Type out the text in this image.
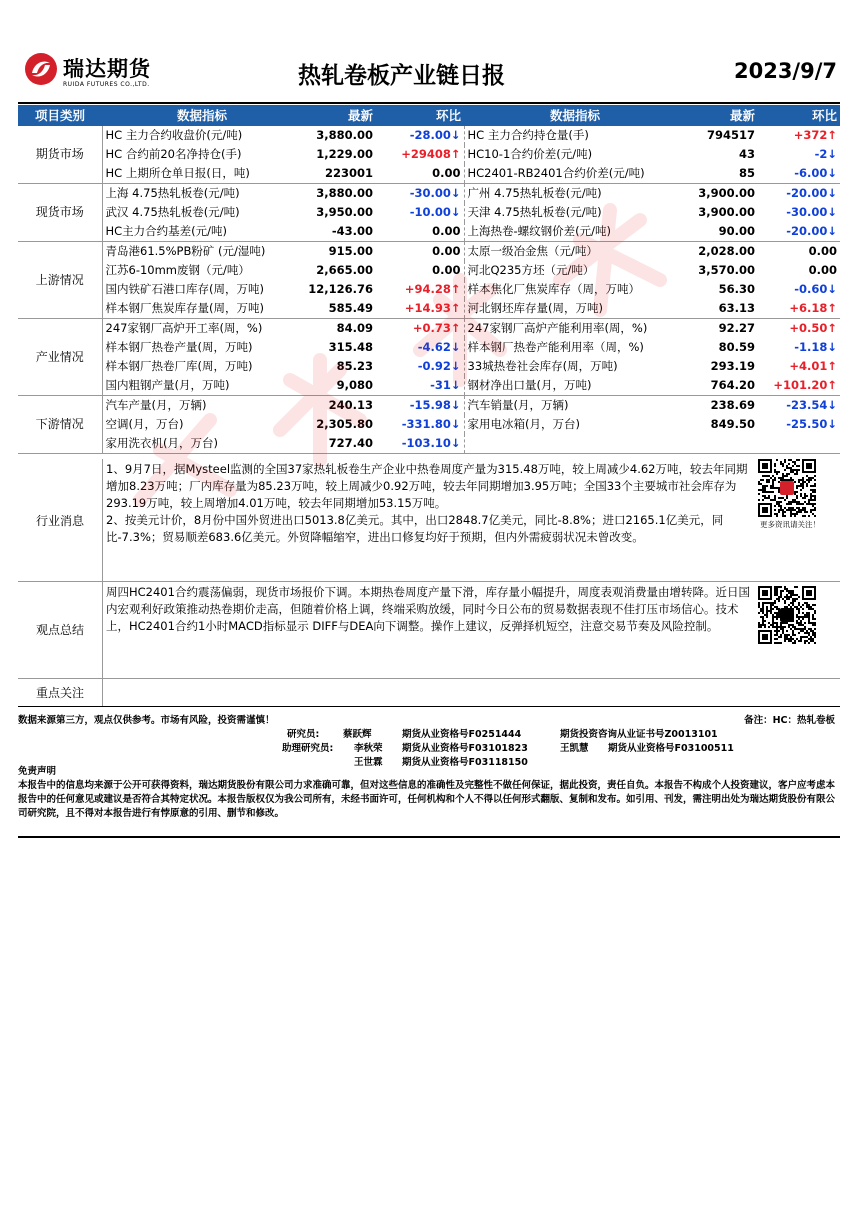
瑞达期货
RUIDA FUTURES CO.,LTD.	热轧卷板产业链日报	2023/9/7
项目类别	数据指标	最新	环比	数据指标	最新	环比
期货市场	HC 主力合约收盘价(元/吨)	3,880.00	-28.00↓	HC 主力合约持仓量(手)	794517	+372↑
	HC 合约前20名净持仓(手)	1,229.00	+29408↑	HC10-1合约价差(元/吨)	43	-2↓
	HC 上期所仓单日报(日，吨)	223001	0.00	HC2401-RB2401合约价差(元/吨)	85	-6.00↓
现货市场	上海 4.75热轧板卷(元/吨)	3,880.00	-30.00↓	广州 4.75热轧板卷(元/吨)	3,900.00	-20.00↓
	武汉 4.75热轧板卷(元/吨)	3,950.00	-10.00↓	天津 4.75热轧板卷(元/吨)	3,900.00	-30.00↓
	HC主力合约基差(元/吨)	-43.00	0.00	上海热卷-螺纹钢价差(元/吨)	90.00	-20.00↓
上游情况	青岛港61.5%PB粉矿 (元/湿吨)	915.00	0.00	太原一级冶金焦（元/吨）	2,028.00	0.00
	江苏6-10mm废钢（元/吨）	2,665.00	0.00	河北Q235方坯（元/吨）	3,570.00	0.00
	国内铁矿石港口库存(周，万吨)	12,126.76	+94.28↑	样本焦化厂焦炭库存（周，万吨）	56.30	-0.60↓
	样本钢厂焦炭库存量(周，万吨)	585.49	+14.93↑	河北钢坯库存量(周，万吨)	63.13	+6.18↑
产业情况	247家钢厂高炉开工率(周，%)	84.09	+0.73↑	247家钢厂高炉产能利用率(周，%)	92.27	+0.50↑
	样本钢厂热卷产量(周，万吨)	315.48	-4.62↓	样本钢厂热卷产能利用率（周，%)	80.59	-1.18↓
	样本钢厂热卷厂库(周，万吨)	85.23	-0.92↓	33城热卷社会库存(周，万吨)	293.19	+4.01↑
	国内粗钢产量(月，万吨)	9,080	-31↓	钢材净出口量(月，万吨)	764.20	+101.20↑
下游情况	汽车产量(月，万辆)	240.13	-15.98↓	汽车销量(月，万辆)	238.69	-23.54↓
	空调(月，万台)	2,305.80	-331.80↓	家用电冰箱(月，万台)	849.50	-25.50↓
	家用洗衣机(月，万台)	727.40	-103.10↓			
行业消息
1、9月7日，据Mysteel监测的全国37家热轧板卷生产企业中热卷周度产量为315.48万吨，较上周减少4.62万吨，较去年同期增加8.23万吨；厂内库存量为85.23万吨，较上周减少0.92万吨，较去年同期增加3.95万吨；全国33个主要城市社会库存为293.19万吨，较上周增加4.01万吨，较去年同期增加53.15万吨。
2、按美元计价，8月份中国外贸进出口5013.8亿美元。其中，出口2848.7亿美元，同比-8.8%；进口2165.1亿美元，同比-7.3%；贸易顺差683.6亿美元。外贸降幅缩窄，进出口修复均好于预期，但内外需疲弱状况未曾改变。
更多资讯请关注！
观点总结
周四HC2401合约震荡偏弱，现货市场报价下调。本期热卷周度产量下滑，库存量小幅提升，周度表观消费量由增转降。近日国内宏观利好政策推动热卷期价走高，但随着价格上调，终端采购放缓，同时今日公布的贸易数据表现不佳打压市场信心。技术上，HC2401合约1小时MACD指标显示 DIFF与DEA向下调整。操作上建议，反弹择机短空，注意交易节奏及风险控制。
重点关注
数据来源第三方，观点仅供参考。市场有风险，投资需谨慎！	备注：HC：热轧卷板
研究员: 蔡跃辉	期货从业资格号F0251444	期货投资咨询从业证书号Z0013101
助理研究员: 李秋荣 期货从业资格号F03101823	王凯慧 期货从业资格号F03100511
王世霖 期货从业资格号F03118150
免责声明
本报告中的信息均来源于公开可获得资料，瑞达期货股份有限公司力求准确可靠，但对这些信息的准确性及完整性不做任何保证，据此投资，责任自负。本报告不构成个人投资建议，客户应考虑本报告中的任何意见或建议是否符合其特定状况。本报告版权仅为我公司所有，未经书面许可，任何机构和个人不得以任何形式翻版、复制和发布。如引用、刊发，需注明出处为瑞达期货股份有限公司研究院，且不得对本报告进行有悖原意的引用、删节和修改。
